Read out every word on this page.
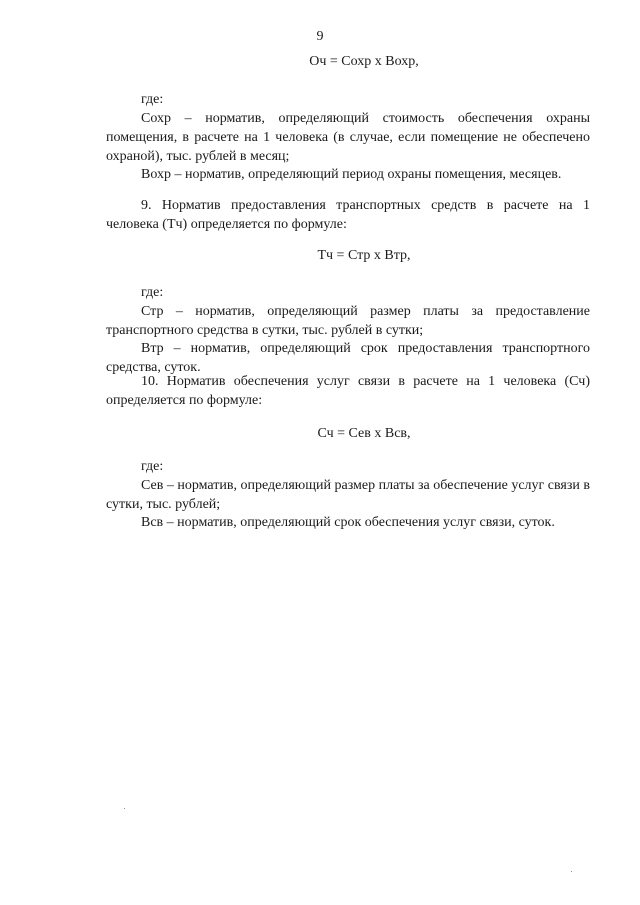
9
Оч = Сохр х Вохр,
где:
Сохр – норматив, определяющий стоимость обеспечения охраны помещения, в расчете на 1 человека (в случае, если помещение не обеспечено охраной), тыс. рублей в месяц;
Вохр – норматив, определяющий период охраны помещения, месяцев.
9. Норматив предоставления транспортных средств в расчете на 1 человека (Тч) определяется по формуле:
Тч = Стр х Втр,
где:
Стр – норматив, определяющий размер платы за предоставление транспортного средства в сутки, тыс. рублей в сутки;
Втр – норматив, определяющий срок предоставления транспортного средства, суток.
10. Норматив обеспечения услуг связи в расчете на 1 человека (Сч) определяется по формуле:
Сч = Сев х Всв,
где:
Сев – норматив, определяющий размер платы за обеспечение услуг связи в сутки, тыс. рублей;
Всв – норматив, определяющий срок обеспечения услуг связи, суток.
